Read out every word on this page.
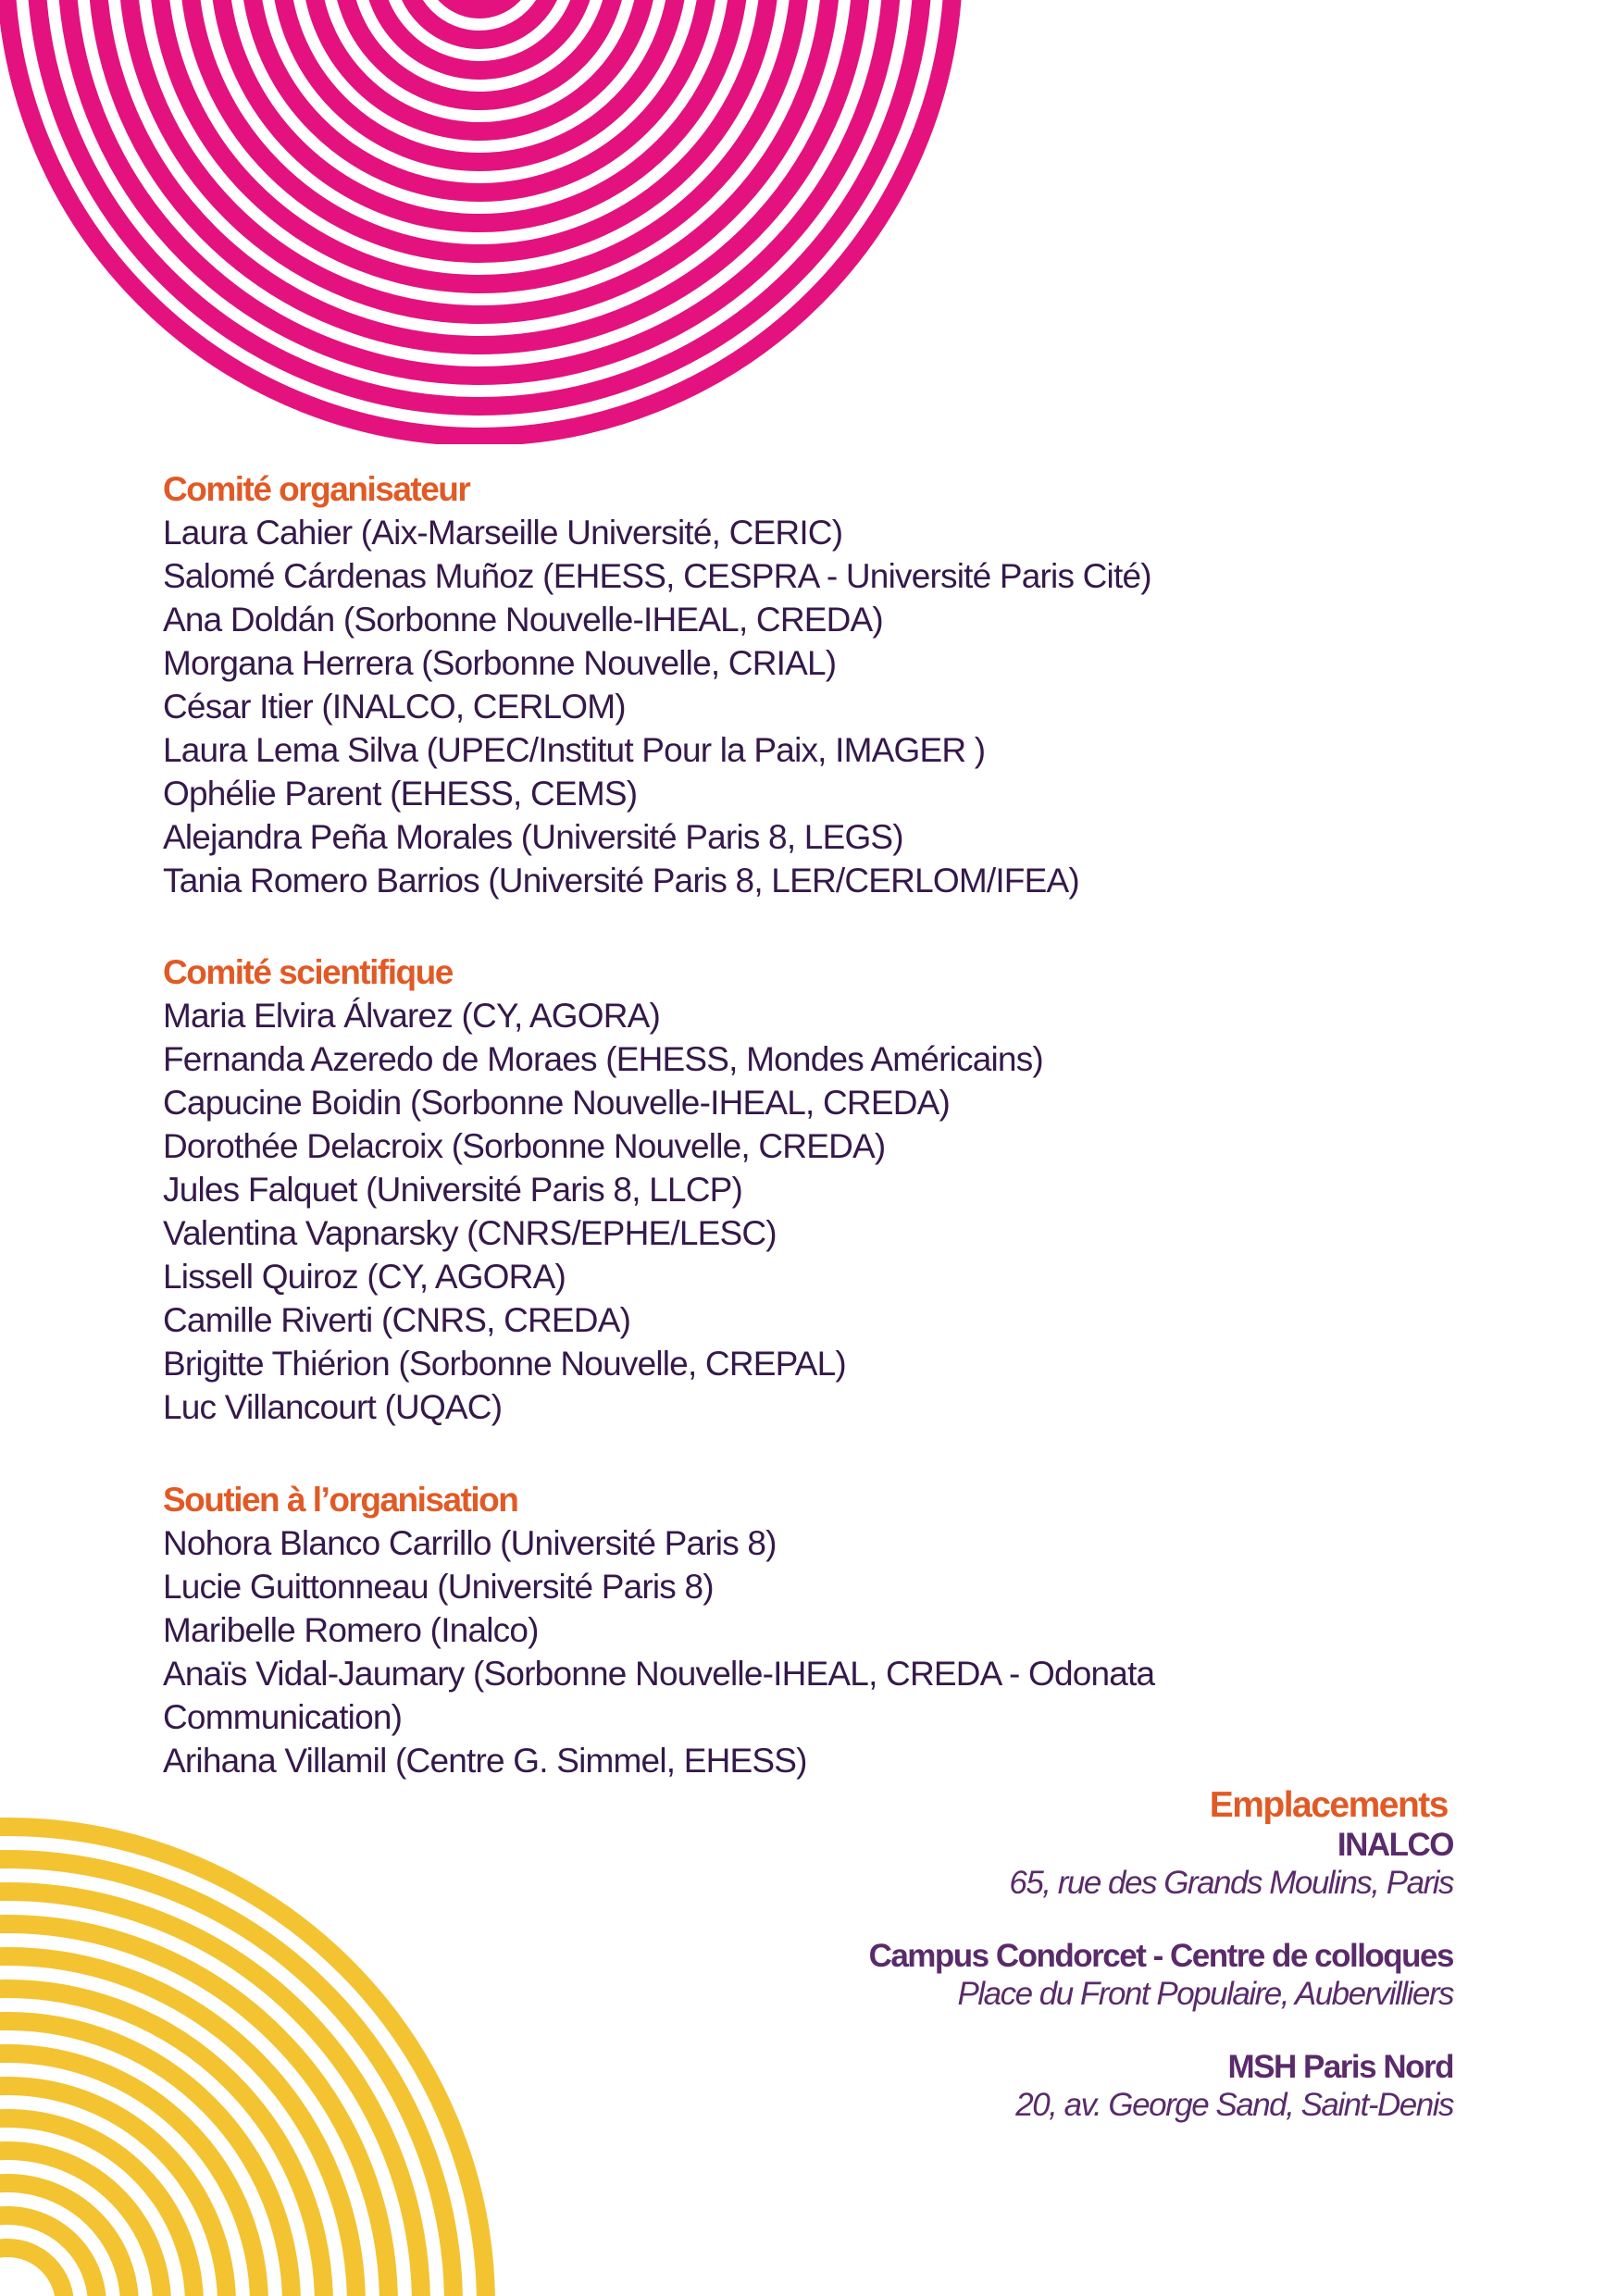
Comité organisateur
Laura Cahier (Aix-Marseille Université, CERIC)
Salomé Cárdenas Muñoz (EHESS, CESPRA - Université Paris Cité)
Ana Doldán (Sorbonne Nouvelle-IHEAL, CREDA)
Morgana Herrera (Sorbonne Nouvelle, CRIAL)
César Itier (INALCO, CERLOM)
Laura Lema Silva (UPEC/Institut Pour la Paix, IMAGER )
Ophélie Parent (EHESS, CEMS)
Alejandra Peña Morales (Université Paris 8, LEGS)
Tania Romero Barrios (Université Paris 8, LER/CERLOM/IFEA)
Comité scientifique
Maria Elvira Álvarez (CY, AGORA)
Fernanda Azeredo de Moraes (EHESS, Mondes Américains)
Capucine Boidin (Sorbonne Nouvelle-IHEAL, CREDA)
Dorothée Delacroix (Sorbonne Nouvelle, CREDA)
Jules Falquet (Université Paris 8, LLCP)
Valentina Vapnarsky (CNRS/EPHE/LESC)
Lissell Quiroz (CY, AGORA)
Camille Riverti (CNRS, CREDA)
Brigitte Thiérion (Sorbonne Nouvelle, CREPAL)
Luc Villancourt (UQAC)
Soutien à l’organisation
Nohora Blanco Carrillo (Université Paris 8)
Lucie Guittonneau (Université Paris 8)
Maribelle Romero (Inalco)
Anaïs Vidal-Jaumary (Sorbonne Nouvelle-IHEAL, CREDA - Odonata
Communication)
Arihana Villamil (Centre G. Simmel, EHESS)
Emplacements
INALCO
65, rue des Grands Moulins, Paris
Campus Condorcet - Centre de colloques
Place du Front Populaire, Aubervilliers
MSH Paris Nord
20, av. George Sand, Saint-Denis
